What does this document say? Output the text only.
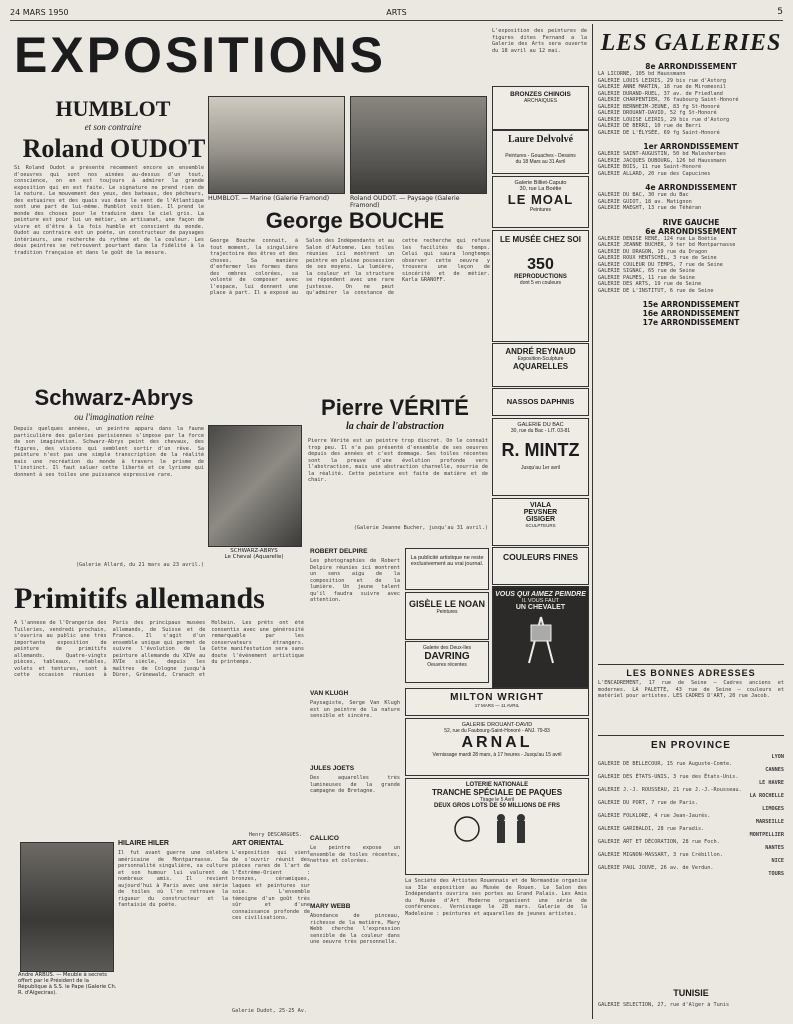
24 MARS 1950	ARTS	5
EXPOSITIONS
HUMBLOT
et son contraire
Roland OUDOT
Si Roland Oudot a présenté récemment encore un ensemble d'oeuvres qui sont nos ainées au-dessus d'un tout, conscience, on en est toujours à admirer la grande exposition qui en est faite. Le signature ne prend rien de la nature. Le mouvement des yeux, des bateaux, des pêcheurs, des estuaires et des quais vus dans le vent de l'Atlantique sont une part de lui-même. Humblot voit bien. Il prend le monde des choses pour le traduire dans le ciel gris. La peinture est pour lui un métier, un artisanat, une façon de vivre et d'être à la fois humble et conscient du monde. Oudot au contraire est un poète, un constructeur de paysages intérieurs, une recherche du rythme et de la couleur. Les deux peintres se retrouvent pourtant dans la fidélité à la tradition française et dans le goût de la mesure.
HUMBLOT. — Marine (Galerie Framond)	Roland OUDOT. — Paysage (Galerie Framond)
George BOUCHE
George Bouche connait, à tout moment, la singulière trajectoire des êtres et des choses. Sa manière d'enfermer les formes dans des ombres colorées, sa volonté de composer avec l'espace, lui donnent une place à part. Il a exposé au Salon des Indépendants et au Salon d'Automne. Les toiles réunies ici montrent un peintre en pleine possession de ses moyens. La lumière, la couleur et la structure se répondent avec une rare justesse. On ne peut qu'admirer la constance de cette recherche qui refuse les facilités du temps. Celui qui saura longtemps observer cette oeuvre y trouvera une leçon de sincérité et de métier. Karla GRANOFF.
Schwarz-Abrys
ou l'imagination reine
Depuis quelques années, un peintre apparu dans la faune particulière des galeries parisiennes s'impose par la force de son imagination. Schwarz-Abrys peint des chevaux, des figures, des visions qui semblent sortir d'un rêve. Sa peinture n'est pas une simple transcription de la réalité mais une recréation du monde à travers le prisme de l'instinct. Il faut saluer cette liberté et ce lyrisme qui donnent à ses toiles une puissance expressive rare.
(Galerie Allard, du 21 mars au 23 avril.)
SCHWARZ-ABRYS
Le Cheval (Aquarelle)
Pierre VÉRITÉ
la chair de l'abstraction
Pierre Vérité est un peintre trop discret. On le connaît trop peu. Il n'a pas présenté d'ensemble de ses oeuvres depuis des années et c'est dommage. Ses toiles récentes sont la preuve d'une évolution profonde vers l'abstraction, mais une abstraction charnelle, nourrie de la réalité. Cette peinture est faite de matière et de chair.
(Galerie Jeanne Bucher, jusqu'au 31 avril.)
Primitifs allemands
A l'annexe de l'Orangerie des Tuileries, vendredi prochain, s'ouvrira au public une très importante exposition de peinture de primitifs allemands. Quatre-vingts pièces, tableaux, retables, volets et tentures, sont à cette occasion réunies à Paris des principaux musées allemands, de Suisse et de France. Il s'agit d'un ensemble unique qui permet de suivre l'évolution de la peinture allemande du XIVe au XVIe siècle, depuis les maîtres de Cologne jusqu'à Dürer, Grünewald, Cranach et Holbein. Les prêts ont été consentis avec une générosité remarquable par les conservateurs étrangers. Cette manifestation sera sans doute l'événement artistique du printemps.
Henry DESCARGUES.
Andre ARBUS. — Meuble à secrets offert par le Président de la République à S.S. le Pape (Galerie Ch. R. d'Algeciras).
HILAIRE HILER
Il fut avant guerre une célèbre américaine de Montparnasse. Sa personnalité singulière, sa culture et son humour lui valurent de nombreux amis. Il revient aujourd'hui à Paris avec une série de toiles où l'on retrouve la rigueur du constructeur et la fantaisie du poète.
ART ORIENTAL
L'exposition qui vient de s'ouvrir réunit des pièces rares de l'art de l'Extrême-Orient : bronzes, céramiques, laques et peintures sur soie. L'ensemble témoigne d'un goût très sûr et d'une connaissance profonde de ces civilisations.
Galerie Dudot, 25-25 Av.
ROBERT DELPIRE
Les photographies de Robert Delpire réunies ici montrent un sens aigu de la composition et de la lumière. Un jeune talent qu'il faudra suivre avec attention.
VAN KLUGH
Paysagiste, Serge Van Klugh est un peintre de la nature sensible et sincère.
JULES JOETS
Des aquarelles très lumineuses de la grande campagne de Bretagne.
CALLICO
Le peintre expose un ensemble de toiles récentes, nettes et colorées.
MARY WEBB
Abondance de pinceau, richesse de la matière, Mary Webb cherche l'expression sensible de la couleur dans une oeuvre très personnelle.
L'exposition des peintures de figures dites Fernand a la Galerie des Arts sera ouverte du 18 avril au 12 mai.
BRONZES CHINOIS
ARCHAIQUES
Laure Delvolvé
Peintures - Gouaches - Dessins
du 18 Mars au 31 Avril
Galerie Billiet-Caputo
30, rue La Boétie
LE MOAL
Peintures
LE MUSÉE CHEZ SOI
350
REPRODUCTIONS
dont 5 en couleurs
ANDRÉ REYNAUD
Exposition-Sculpture
AQUARELLES
NASSOS DAPHNIS
GALERIE DU BAC
30, rue du Bac - LIT. 03-81
R. MINTZ
Jusqu'au 1er avril
VIALA
PEVSNER
GISIGER
SCULPTEURS
COULEURS FINES
VOUS QUI AIMEZ PEINDRE
IL VOUS FAUT
UN CHEVALET
La publicité artistique ne reste exclusivement au vrai journal.
GISÈLE LE NOAN
Peintures
Galerie des Deux-Iles
DAVRING
Oeuvres récentes
MILTON WRIGHT
17 MARS — 11 AVRIL
GALERIE DROUANT-DAVID
52, rue du Faubourg-Saint-Honoré - ANJ. 79-83
ARNAL
Vernissage mardi 28 mars, à 17 heures - Jusqu'au 15 avril
LOTERIE NATIONALE
TRANCHE SPÉCIALE DE PAQUES
Tirage le 5 Avril
DEUX GROS LOTS DE 50 MILLIONS DE FRS
La Société des Artistes Rouennais et de Normandie organise sa 31e exposition au Musée de Rouen. Le Salon des Indépendants ouvrira ses portes au Grand Palais. Les Amis du Musée d'Art Moderne organisent une série de conférences. Vernissage le 28 mars. Galerie de la Madeleine : peintures et aquarelles de jeunes artistes.
LES GALERIES
8e ARRONDISSEMENT
LA LICORNE, 105 bd Haussmann
GALERIE LOUIS LEIRIS, 29 bis rue d'Astorg
GALERIE ANNE MARTIN, 18 rue de Miromesnil
GALERIE DURAND-RUEL, 37 av. de Friedland
GALERIE CHARPENTIER, 76 faubourg Saint-Honoré
GALERIE BERNHEIM-JEUNE, 83 fg St-Honoré
GALERIE DROUANT-DAVID, 52 fg St-Honoré
GALERIE LOUISE LEIRIS, 29 bis rue d'Astorg
GALERIE DE BERRI, 10 rue de Berri
GALERIE DE L'ÉLYSÉE, 69 fg Saint-Honoré
1er ARRONDISSEMENT
GALERIE SAINT-AUGUSTIN, 50 bd Malesherbes
GALERIE JACQUES DUBOURG, 126 bd Haussmann
GALERIE BOIS, 11 rue Saint-Honoré
GALERIE ALLARD, 20 rue des Capucines
4e ARRONDISSEMENT
GALERIE DU BAC, 30 rue du Bac
GALERIE GUIOT, 18 av. Matignon
GALERIE MAEGHT, 13 rue de Téhéran
RIVE GAUCHE
6e ARRONDISSEMENT
GALERIE DENISE RENÉ, 124 rue La Boétie
GALERIE JEANNE BUCHER, 9 ter bd Montparnasse
GALERIE DU DRAGON, 19 rue du Dragon
GALERIE ROUX HENTSCHEL, 3 rue de Seine
GALERIE COULEUR DU TEMPS, 7 rue de Seine
GALERIE SIGNAC, 65 rue de Seine
GALERIE PALMES, 11 rue de Seine
GALERIE DES ARTS, 19 rue de Seine
GALERIE DE L'INSTITUT, 6 rue de Seine
15e ARRONDISSEMENT
16e ARRONDISSEMENT
17e ARRONDISSEMENT
LES BONNES ADRESSES
L'ENCADREMENT, 17 rue de Seine — Cadres anciens et modernes. LA PALETTE, 43 rue de Seine — couleurs et matériel pour artistes. LES CADRES D'ART, 20 rue Jacob.
EN PROVINCE
LYON
GALERIE DE BELLECOUR, 15 rue Auguste-Comte.
CANNES
GALERIE DES ÉTATS-UNIS, 3 rue des États-Unis.
LE HAVRE
GALERIE J.-J. ROUSSEAU, 21 rue J.-J.-Rousseau.
LA ROCHELLE
GALERIE DU PORT, 7 rue de Paris.
LIMOGES
GALERIE FOLKLORE, 4 rue Jean-Jaurès.
MARSEILLE
GALERIE GARIBALDI, 28 rue Paradis.
MONTPELLIER
GALERIE ART ET DÉCORATION, 28 rue Foch.
NANTES
GALERIE MIGNON-MASSART, 3 rue Crébillon.
NICE
GALERIE PAUL JOUVE, 26 av. de Verdun.
TOURS
TUNISIE
GALERIE SELECTION, 27, rue d'Alger à Tunis
